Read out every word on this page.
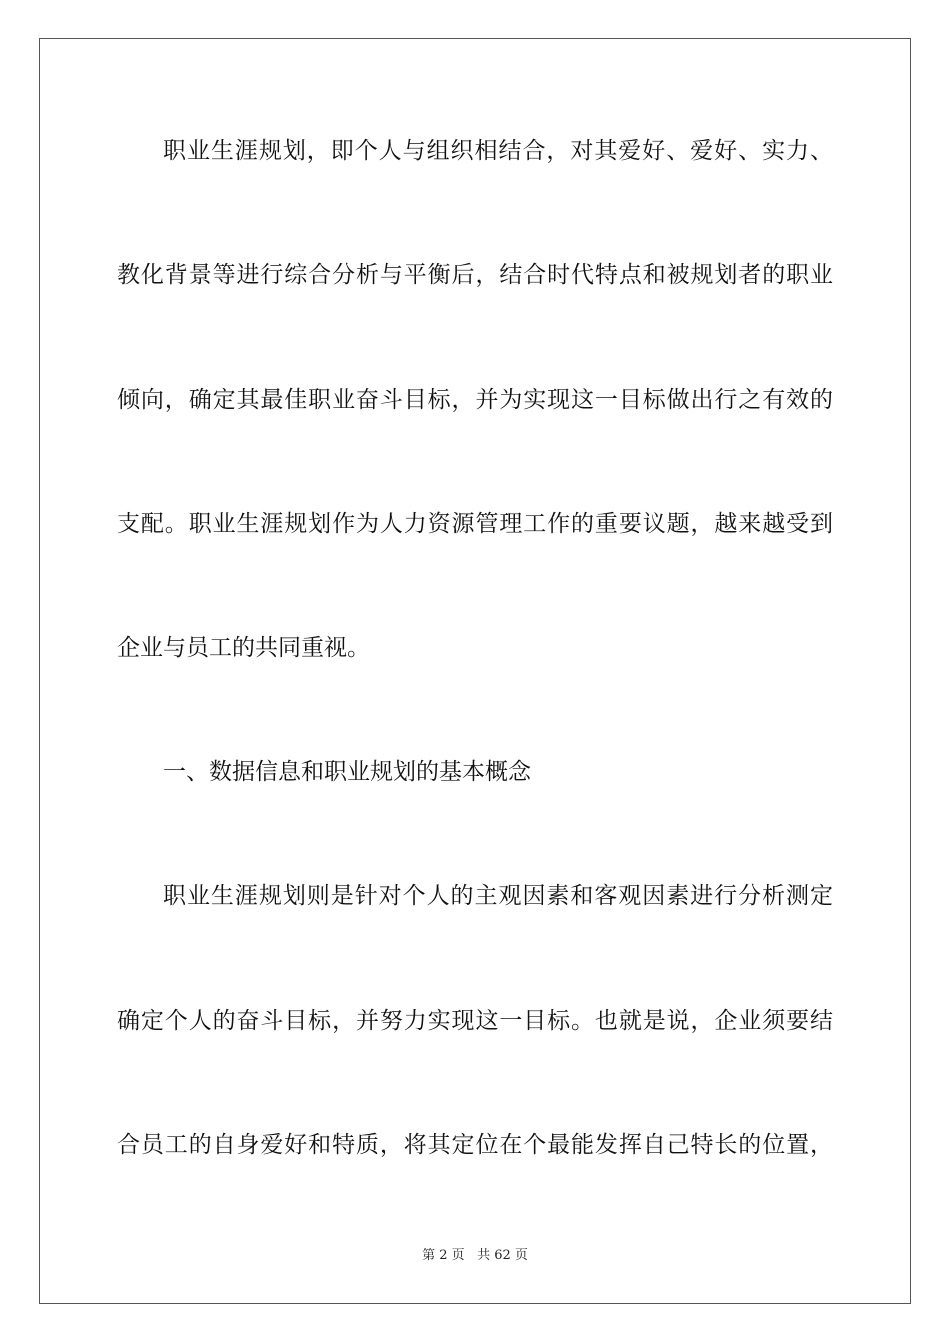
职业生涯规划，即个人与组织相结合，对其爱好、爱好、实力、
教化背景等进行综合分析与平衡后，结合时代特点和被规划者的职业
倾向，确定其最佳职业奋斗目标，并为实现这一目标做出行之有效的
支配。职业生涯规划作为人力资源管理工作的重要议题，越来越受到
企业与员工的共同重视。
一、数据信息和职业规划的基本概念
职业生涯规划则是针对个人的主观因素和客观因素进行分析测定
确定个人的奋斗目标，并努力实现这一目标。也就是说，企业须要结
合员工的自身爱好和特质，将其定位在个最能发挥自己特长的位置，
第 2 页 共 62 页
